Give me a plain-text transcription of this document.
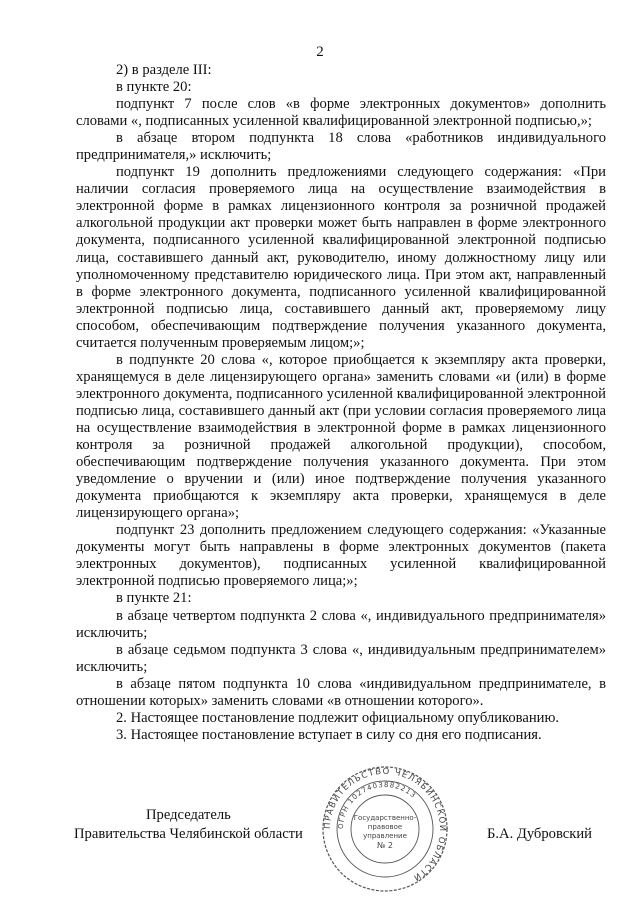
2

2) в разделе III:

в пункте 20:

подпункт 7 после слов «в форме электронных документов» дополнить словами «, подписанных усиленной квалифицированной электронной подписью,»;

в абзаце втором подпункта 18 слова «работников индивидуального предпринимателя,» исключить;

подпункт 19 дополнить предложениями следующего содержания: «При наличии согласия проверяемого лица на осуществление взаимодействия в электронной форме в рамках лицензионного контроля за розничной продажей алкогольной продукции акт проверки может быть направлен в форме электронного документа, подписанного усиленной квалифицированной электронной подписью лица, составившего данный акт, руководителю, иному должностному лицу или уполномоченному представителю юридического лица. При этом акт, направленный в форме электронного документа, подписанного усиленной квалифицированной электронной подписью лица, составившего данный акт, проверяемому лицу способом, обеспечивающим подтверждение получения указанного документа, считается полученным проверяемым лицом;»;

в подпункте 20 слова «, которое приобщается к экземпляру акта проверки, хранящемуся в деле лицензирующего органа» заменить словами «и (или) в форме электронного документа, подписанного усиленной квалифицированной электронной подписью лица, составившего данный акт (при условии согласия проверяемого лица на осуществление взаимодействия в электронной форме в рамках лицензионного контроля за розничной продажей алкогольной продукции), способом, обеспечивающим подтверждение получения указанного документа. При этом уведомление о вручении и (или) иное подтверждение получения указанного документа приобщаются к экземпляру акта проверки, хранящемуся в деле лицензирующего органа»;

подпункт 23 дополнить предложением следующего содержания: «Указанные документы могут быть направлены в форме электронных документов (пакета электронных документов), подписанных усиленной квалифицированной электронной подписью проверяемого лица;»;

в пункте 21:

в абзаце четвертом подпункта 2 слова «, индивидуального предпринимателя» исключить;

в абзаце седьмом подпункта 3 слова «, индивидуальным предпринимателем» исключить;

в абзаце пятом подпункта 10 слова «индивидуальном предпринимателе, в отношении которых» заменить словами «в отношении которого».

2. Настоящее постановление подлежит официальному опубликованию.

3. Настоящее постановление вступает в силу со дня его подписания.

Председатель
Правительства Челябинской области	Б.А. Дубровский
ПРАВИТЕЛЬСТВО ЧЕЛЯБИНСКОЙ ОБЛАСТИ
ОГРН 1027403882213
Государственно-
правовое
управление
№ 2
